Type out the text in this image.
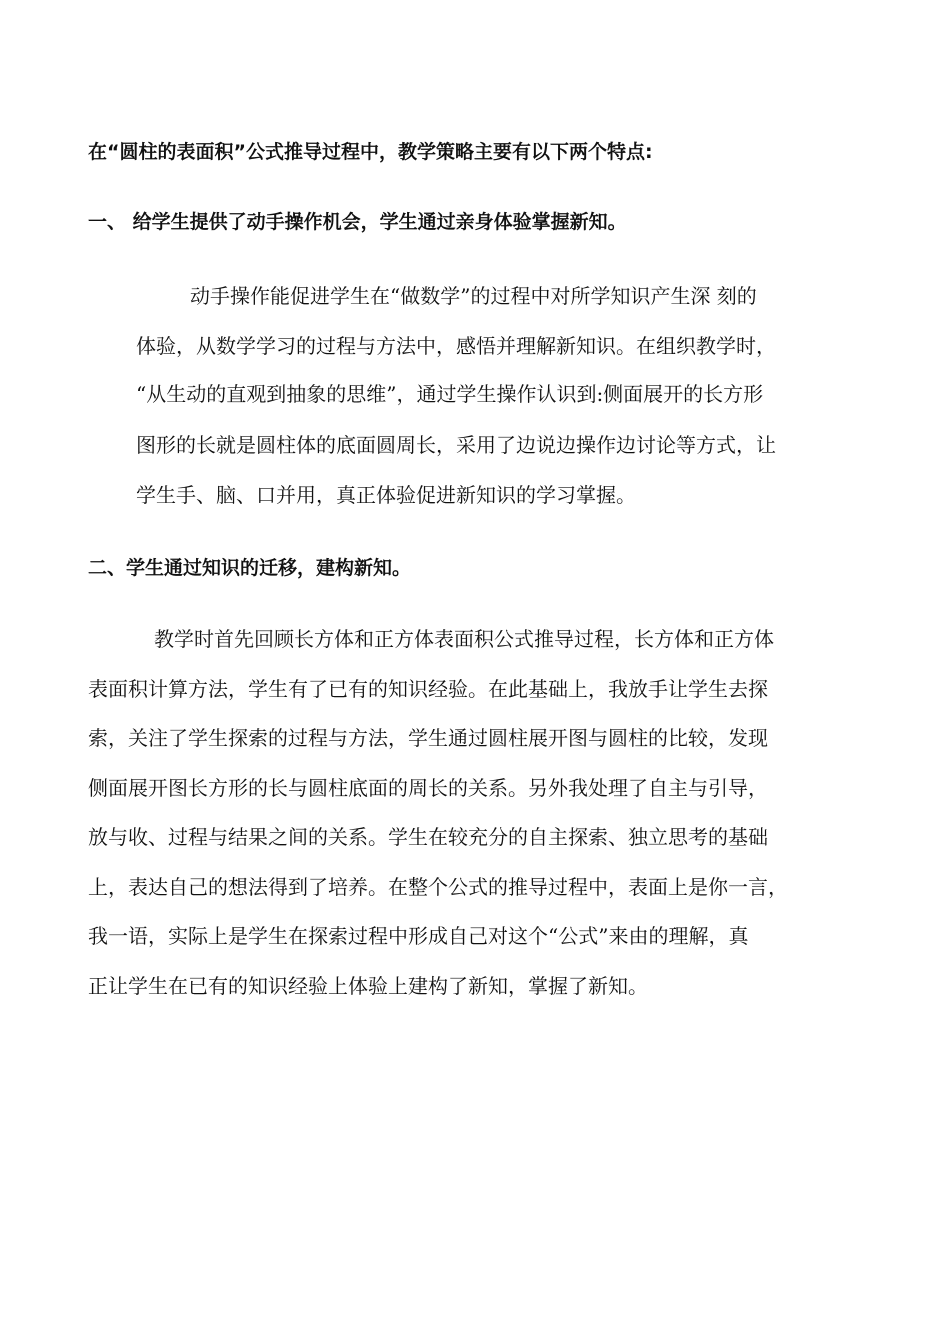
在“圆柱的表面积”公式推导过程中，教学策略主要有以下两个特点:
一、 给学生提供了动手操作机会，学生通过亲身体验掌握新知。
动手操作能促进学生在“做数学”的过程中对所学知识产生深 刻的
体验，从数学学习的过程与方法中，感悟并理解新知识。在组织教学时，
“从生动的直观到抽象的思维”，通过学生操作认识到:侧面展开的长方形
图形的长就是圆柱体的底面圆周长，采用了边说边操作边讨论等方式，让
学生手、脑、口并用，真正体验促进新知识的学习掌握。
二、学生通过知识的迁移，建构新知。
教学时首先回顾长方体和正方体表面积公式推导过程，长方体和正方体
表面积计算方法，学生有了已有的知识经验。在此基础上，我放手让学生去探
索，关注了学生探索的过程与方法，学生通过圆柱展开图与圆柱的比较，发现
侧面展开图长方形的长与圆柱底面的周长的关系。另外我处理了自主与引导，
放与收、过程与结果之间的关系。学生在较充分的自主探索、独立思考的基础
上，表达自己的想法得到了培养。在整个公式的推导过程中，表面上是你一言，
我一语，实际上是学生在探索过程中形成自己对这个“公式”来由的理解，真
正让学生在已有的知识经验上体验上建构了新知，掌握了新知。
